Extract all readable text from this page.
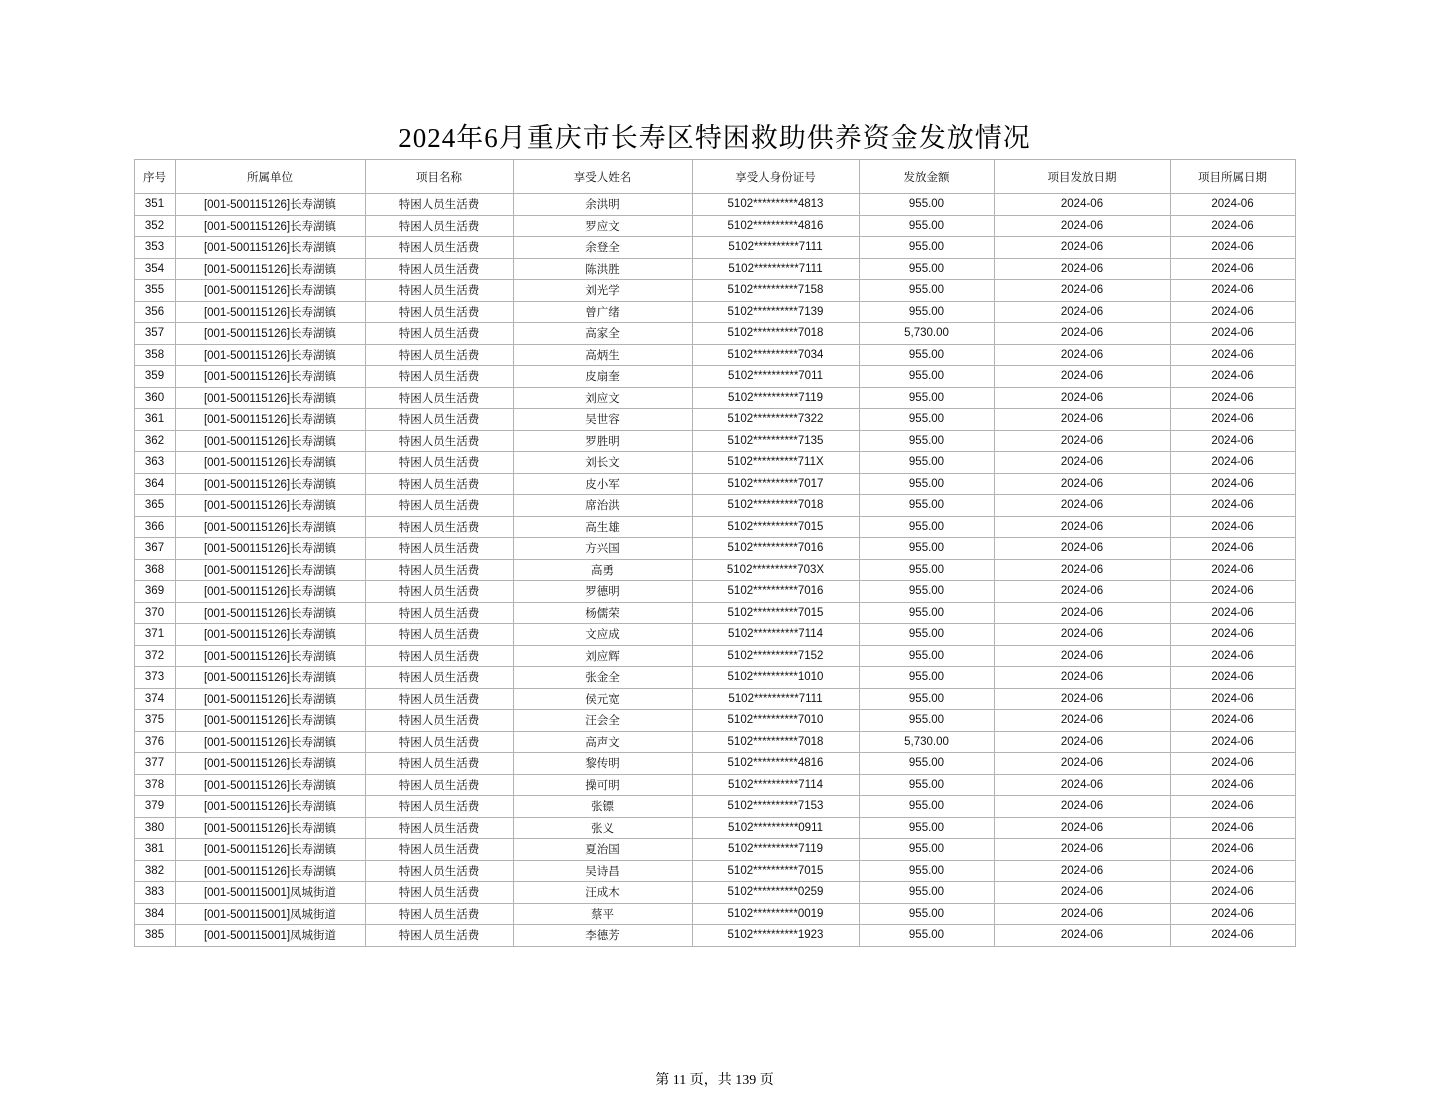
2024年6月重庆市长寿区特困救助供养资金发放情况
序号	所属单位	项目名称	享受人姓名	享受人身份证号	发放金额	项目发放日期	项目所属日期
351	[001-500115126]长寿湖镇	特困人员生活费	余洪明	5102**********4813	955.00	2024-06	2024-06
352	[001-500115126]长寿湖镇	特困人员生活费	罗应文	5102**********4816	955.00	2024-06	2024-06
353	[001-500115126]长寿湖镇	特困人员生活费	余登全	5102**********7111	955.00	2024-06	2024-06
354	[001-500115126]长寿湖镇	特困人员生活费	陈洪胜	5102**********7111	955.00	2024-06	2024-06
355	[001-500115126]长寿湖镇	特困人员生活费	刘光学	5102**********7158	955.00	2024-06	2024-06
356	[001-500115126]长寿湖镇	特困人员生活费	曾广绪	5102**********7139	955.00	2024-06	2024-06
357	[001-500115126]长寿湖镇	特困人员生活费	高家全	5102**********7018	5,730.00	2024-06	2024-06
358	[001-500115126]长寿湖镇	特困人员生活费	高炳生	5102**********7034	955.00	2024-06	2024-06
359	[001-500115126]长寿湖镇	特困人员生活费	皮扇奎	5102**********7011	955.00	2024-06	2024-06
360	[001-500115126]长寿湖镇	特困人员生活费	刘应文	5102**********7119	955.00	2024-06	2024-06
361	[001-500115126]长寿湖镇	特困人员生活费	吴世容	5102**********7322	955.00	2024-06	2024-06
362	[001-500115126]长寿湖镇	特困人员生活费	罗胜明	5102**********7135	955.00	2024-06	2024-06
363	[001-500115126]长寿湖镇	特困人员生活费	刘长文	5102**********711X	955.00	2024-06	2024-06
364	[001-500115126]长寿湖镇	特困人员生活费	皮小军	5102**********7017	955.00	2024-06	2024-06
365	[001-500115126]长寿湖镇	特困人员生活费	席治洪	5102**********7018	955.00	2024-06	2024-06
366	[001-500115126]长寿湖镇	特困人员生活费	高生雄	5102**********7015	955.00	2024-06	2024-06
367	[001-500115126]长寿湖镇	特困人员生活费	方兴国	5102**********7016	955.00	2024-06	2024-06
368	[001-500115126]长寿湖镇	特困人员生活费	高勇	5102**********703X	955.00	2024-06	2024-06
369	[001-500115126]长寿湖镇	特困人员生活费	罗德明	5102**********7016	955.00	2024-06	2024-06
370	[001-500115126]长寿湖镇	特困人员生活费	杨儒荣	5102**********7015	955.00	2024-06	2024-06
371	[001-500115126]长寿湖镇	特困人员生活费	文应成	5102**********7114	955.00	2024-06	2024-06
372	[001-500115126]长寿湖镇	特困人员生活费	刘应辉	5102**********7152	955.00	2024-06	2024-06
373	[001-500115126]长寿湖镇	特困人员生活费	张金全	5102**********1010	955.00	2024-06	2024-06
374	[001-500115126]长寿湖镇	特困人员生活费	侯元宽	5102**********7111	955.00	2024-06	2024-06
375	[001-500115126]长寿湖镇	特困人员生活费	汪会全	5102**********7010	955.00	2024-06	2024-06
376	[001-500115126]长寿湖镇	特困人员生活费	高声文	5102**********7018	5,730.00	2024-06	2024-06
377	[001-500115126]长寿湖镇	特困人员生活费	黎传明	5102**********4816	955.00	2024-06	2024-06
378	[001-500115126]长寿湖镇	特困人员生活费	操可明	5102**********7114	955.00	2024-06	2024-06
379	[001-500115126]长寿湖镇	特困人员生活费	张镖	5102**********7153	955.00	2024-06	2024-06
380	[001-500115126]长寿湖镇	特困人员生活费	张义	5102**********0911	955.00	2024-06	2024-06
381	[001-500115126]长寿湖镇	特困人员生活费	夏治国	5102**********7119	955.00	2024-06	2024-06
382	[001-500115126]长寿湖镇	特困人员生活费	吴诗昌	5102**********7015	955.00	2024-06	2024-06
383	[001-500115001]凤城街道	特困人员生活费	汪成木	5102**********0259	955.00	2024-06	2024-06
384	[001-500115001]凤城街道	特困人员生活费	蔡平	5102**********0019	955.00	2024-06	2024-06
385	[001-500115001]凤城街道	特困人员生活费	李德芳	5102**********1923	955.00	2024-06	2024-06
第 11 页，共 139 页
